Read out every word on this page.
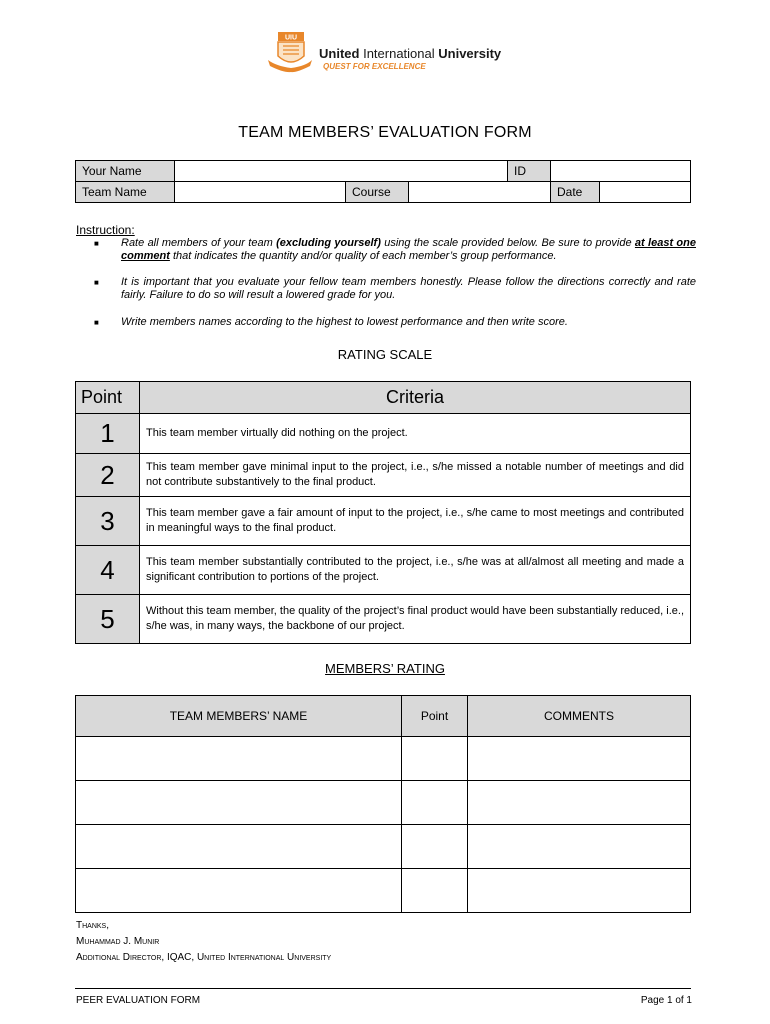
UIU
United International University
QUEST FOR EXCELLENCE
TEAM MEMBERS’ EVALUATION FORM
Your Name				ID		
Team Name		Course			Date	
Instruction:
■ Rate all members of your team (excluding yourself) using the scale provided below. Be sure to provide at least one comment that indicates the quantity and/or quality of each member’s group performance.
■ It is important that you evaluate your fellow team members honestly. Please follow the directions correctly and rate fairly. Failure to do so will result a lowered grade for you.
■ Write members names according to the highest to lowest performance and then write score.
RATING SCALE
Point	Criteria
1	This team member virtually did nothing on the project.
2	This team member gave minimal input to the project, i.e., s/he missed a notable number of meetings and did not contribute substantively to the final product.
3	This team member gave a fair amount of input to the project, i.e., s/he came to most meetings and contributed in meaningful ways to the final product.
4	This team member substantially contributed to the project, i.e., s/he was at all/almost all meeting and made a significant contribution to portions of the project.
5	Without this team member, the quality of the project’s final product would have been substantially reduced, i.e., s/he was, in many ways, the backbone of our project.
MEMBERS’ RATING
TEAM MEMBERS’ NAME	Point	COMMENTS

Thanks,
Muhammad J. Munir
Additional Director, IQAC, United International University
PEER EVALUATION FORM	Page 1 of 1
